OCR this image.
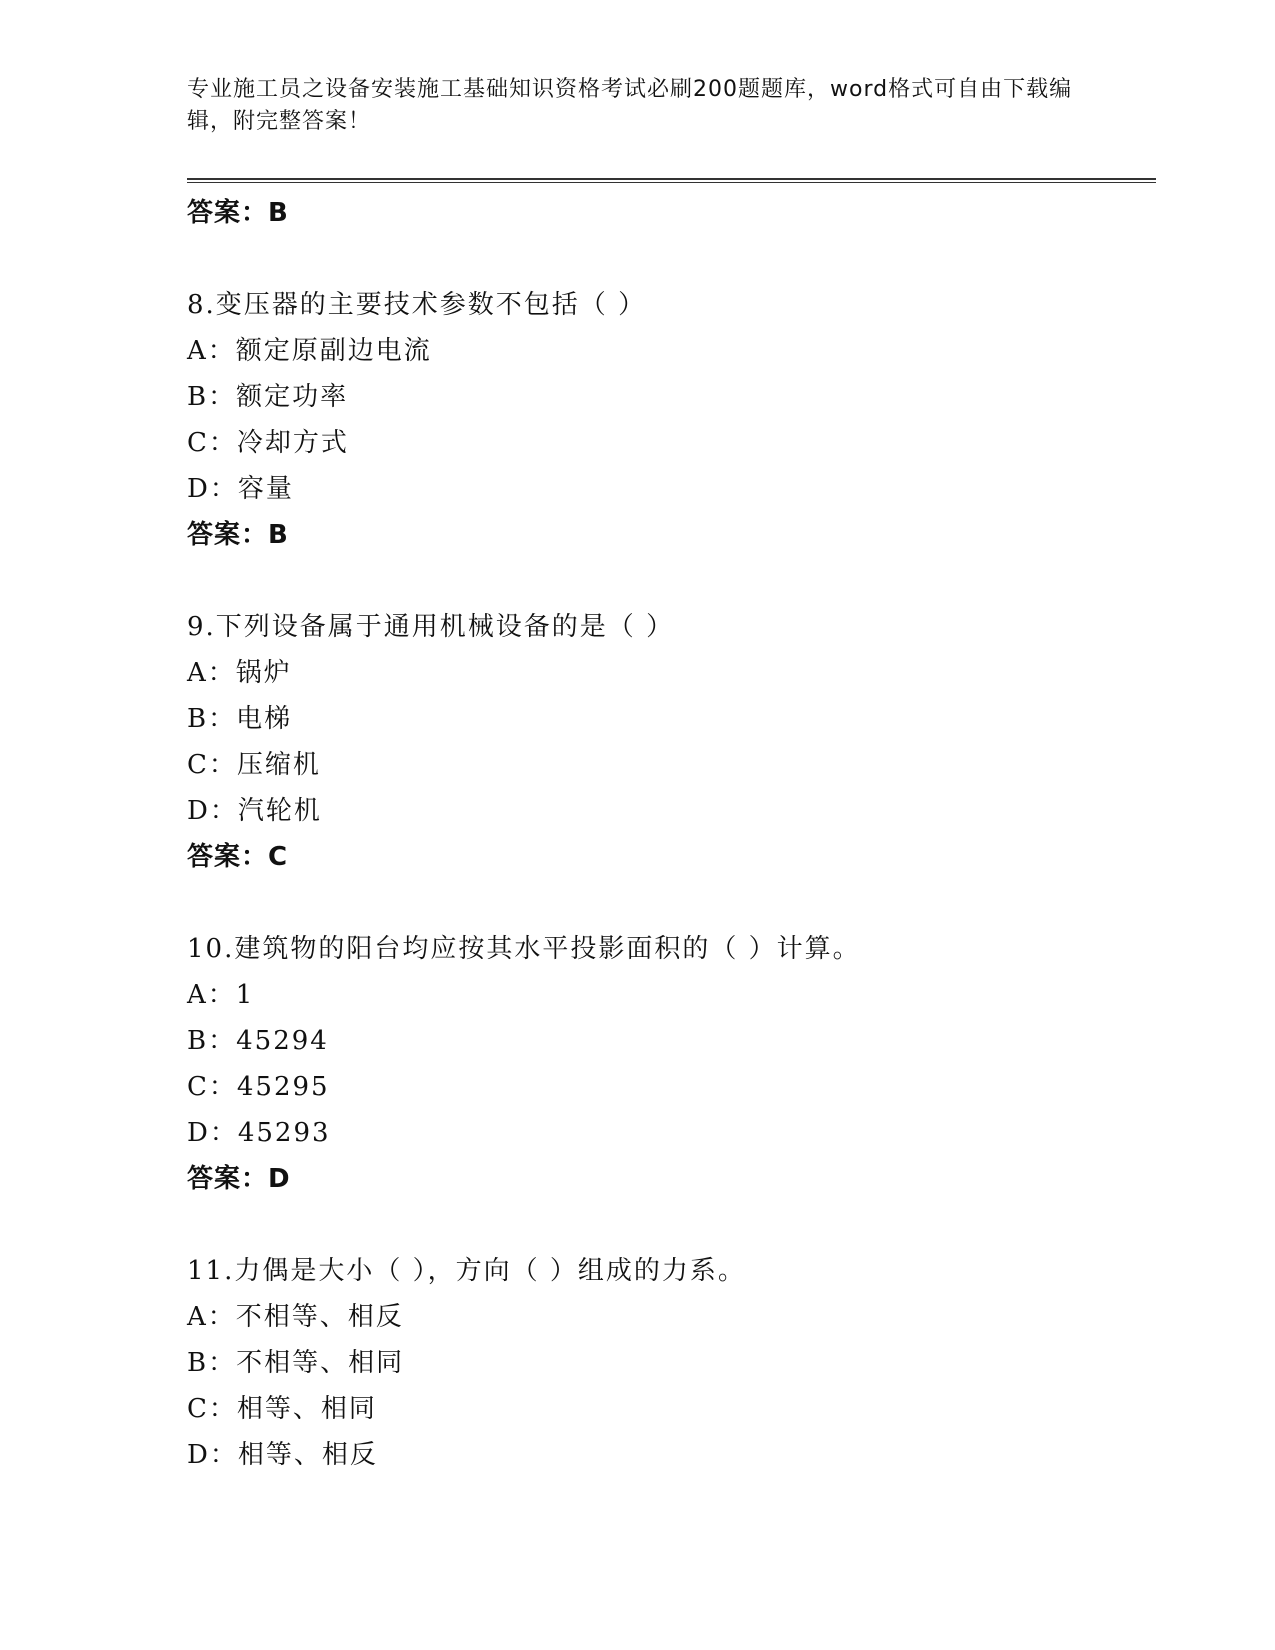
专业施工员之设备安装施工基础知识资格考试必刷200题题库，word格式可自由下载编辑，附完整答案！
答案：B
8.变压器的主要技术参数不包括（ ）
A：额定原副边电流
B：额定功率
C：冷却方式
D：容量
答案：B
9.下列设备属于通用机械设备的是（ ）
A：锅炉
B：电梯
C：压缩机
D：汽轮机
答案：C
10.建筑物的阳台均应按其水平投影面积的（ ）计算。
A：1
B：45294
C：45295
D：45293
答案：D
11.力偶是大小（ ），方向（ ）组成的力系。
A：不相等、相反
B：不相等、相同
C：相等、相同
D：相等、相反
